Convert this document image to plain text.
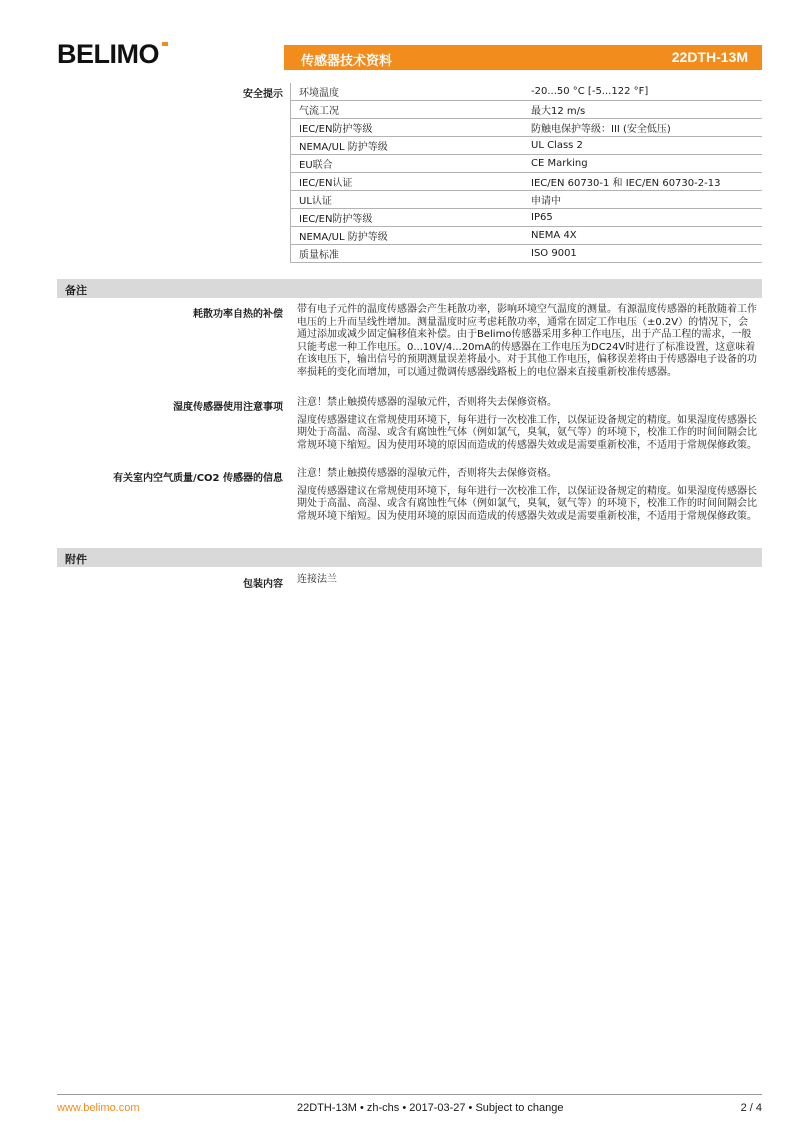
BELIMO	传感器技术资料	22DTH-13M
安全提示 环境温度	-20...50 °C [-5...122 °F]
气流工况	最大12 m/s
IEC/EN防护等级	防触电保护等级：III (安全低压)
NEMA/UL 防护等级	UL Class 2
EU联合	CE Marking
IEC/EN认证	IEC/EN 60730-1 和 IEC/EN 60730-2-13
UL认证	申请中
IEC/EN防护等级	IP65
NEMA/UL 防护等级	NEMA 4X
质量标准	ISO 9001
备注
耗散功率自热的补偿 带有电子元件的温度传感器会产生耗散功率，影响环境空气温度的测量。有源温度传感器的耗散随着工作电压的上升而呈线性增加。测量温度时应考虑耗散功率，通常在固定工作电压（±0.2V）的情况下，会通过添加或减少固定偏移值来补偿。由于Belimo传感器采用多种工作电压，出于产品工程的需求，一般只能考虑一种工作电压。0...10V/4...20mA的传感器在工作电压为DC24V时进行了标准设置，这意味着在该电压下，输出信号的预期测量误差将最小。对于其他工作电压，偏移误差将由于传感器电子设备的功率损耗的变化而增加，可以通过微调传感器线路板上的电位器来直接重新校准传感器。

湿度传感器使用注意事项 注意！禁止触摸传感器的湿敏元件，否则将失去保修资格。

湿度传感器建议在常规使用环境下，每年进行一次校准工作，以保证设备规定的精度。如果湿度传感器长期处于高温、高湿、或含有腐蚀性气体（例如氯气，臭氧，氨气等）的环境下，校准工作的时间间隔会比常规环境下缩短。因为使用环境的原因而造成的传感器失效或是需要重新校准，不适用于常规保修政策。

有关室内空气质量/CO2 传感器的信息 注意！禁止触摸传感器的湿敏元件，否则将失去保修资格。

湿度传感器建议在常规使用环境下，每年进行一次校准工作，以保证设备规定的精度。如果湿度传感器长期处于高温、高湿、或含有腐蚀性气体（例如氯气，臭氧，氨气等）的环境下，校准工作的时间间隔会比常规环境下缩短。因为使用环境的原因而造成的传感器失效或是需要重新校准，不适用于常规保修政策。

附件
包装内容 连接法兰
www.belimo.com	22DTH-13M • zh-chs • 2017-03-27 • Subject to change	2 / 4
